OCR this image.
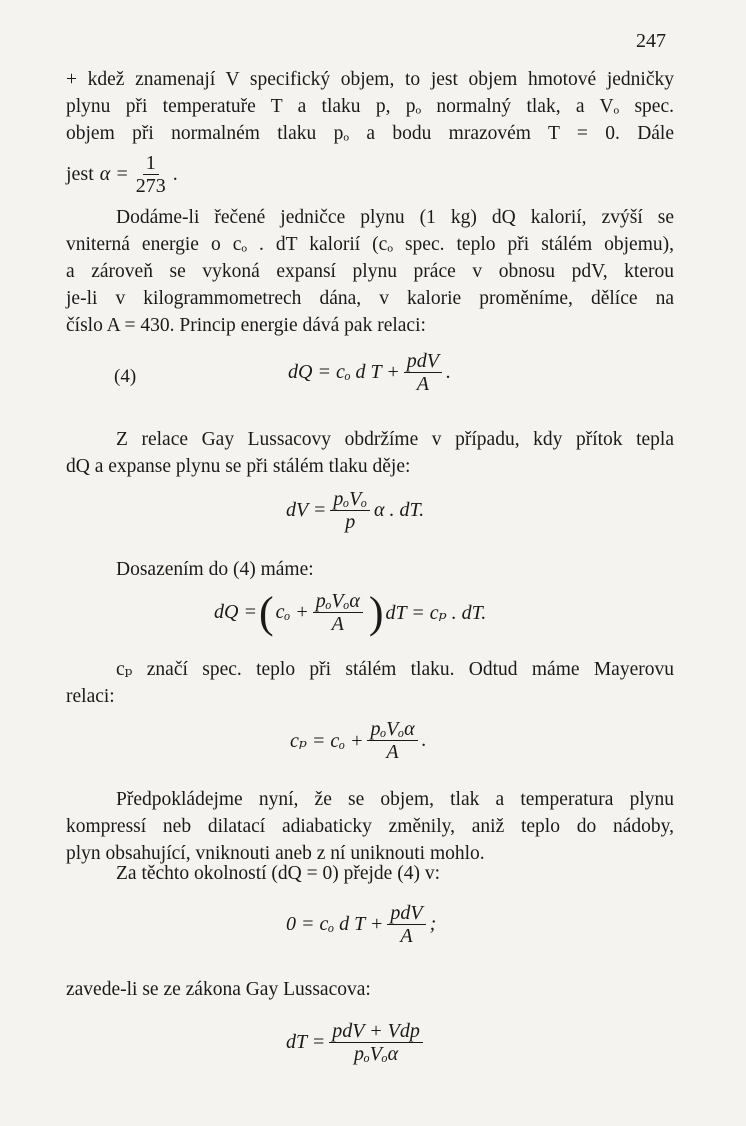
247
+ kdež znamenají V specifický objem, to jest objem hmotové jedničky
plynu při temperatuře T a tlaku p, pₒ normalný tlak, a Vₒ spec.
objem při normalném tlaku pₒ a bodu mrazovém T = 0. Dále
jest $\alpha = \frac{1}{273}$ .
Dodáme-li řečené jedničce plynu (1 kg) dQ kalorií, zvýší se
vniterná energie o cₒ . dT kalorií (cₒ spec. teplo při stálém objemu),
a zároveň se vykoná expansí plynu práce v obnosu pdV, kterou
je-li v kilogrammometrech dána, v kalorie proměníme, dělíce na
číslo A = 430. Princip energie dává pak relaci:
(4)	dQ = cₒ d $T + \frac{\text{pdV}}{A}$ .
Z relace Gay Lussacovy obdržíme v případu, kdy přítok tepla
dQ a expanse plynu se při stálém tlaku děje:
dV = $\frac{\text{pₒVₒ}}{p}$ α . dT.
Dosazením do (4) máme:
dQ = ( $c_o + \frac{\text{pₒVₒα}}{A}$ ) dT = cₚ . dT.
cₚ značí spec. teplo při stálém tlaku. Odtud máme Mayerovu
relaci:
$c_p = c_o + \frac{\text{pₒVₒα}}{A}$ .
Předpokládejme nyní, že se objem, tlak a temperatura plynu
kompressí neb dilatací adiabaticky změnily, aniž teplo do nádoby,
plyn obsahující, vniknouti aneb z ní uniknouti mohlo.
Za těchto okolností (dQ = 0) přejde (4) v:
0 = cₒ d $T + \frac{\text{pdV}}{A}$ ;
zavede-li se ze zákona Gay Lussacova:
dT = $\frac{\text{pdV + Vdp}}{\text{pₒVₒα}}$
